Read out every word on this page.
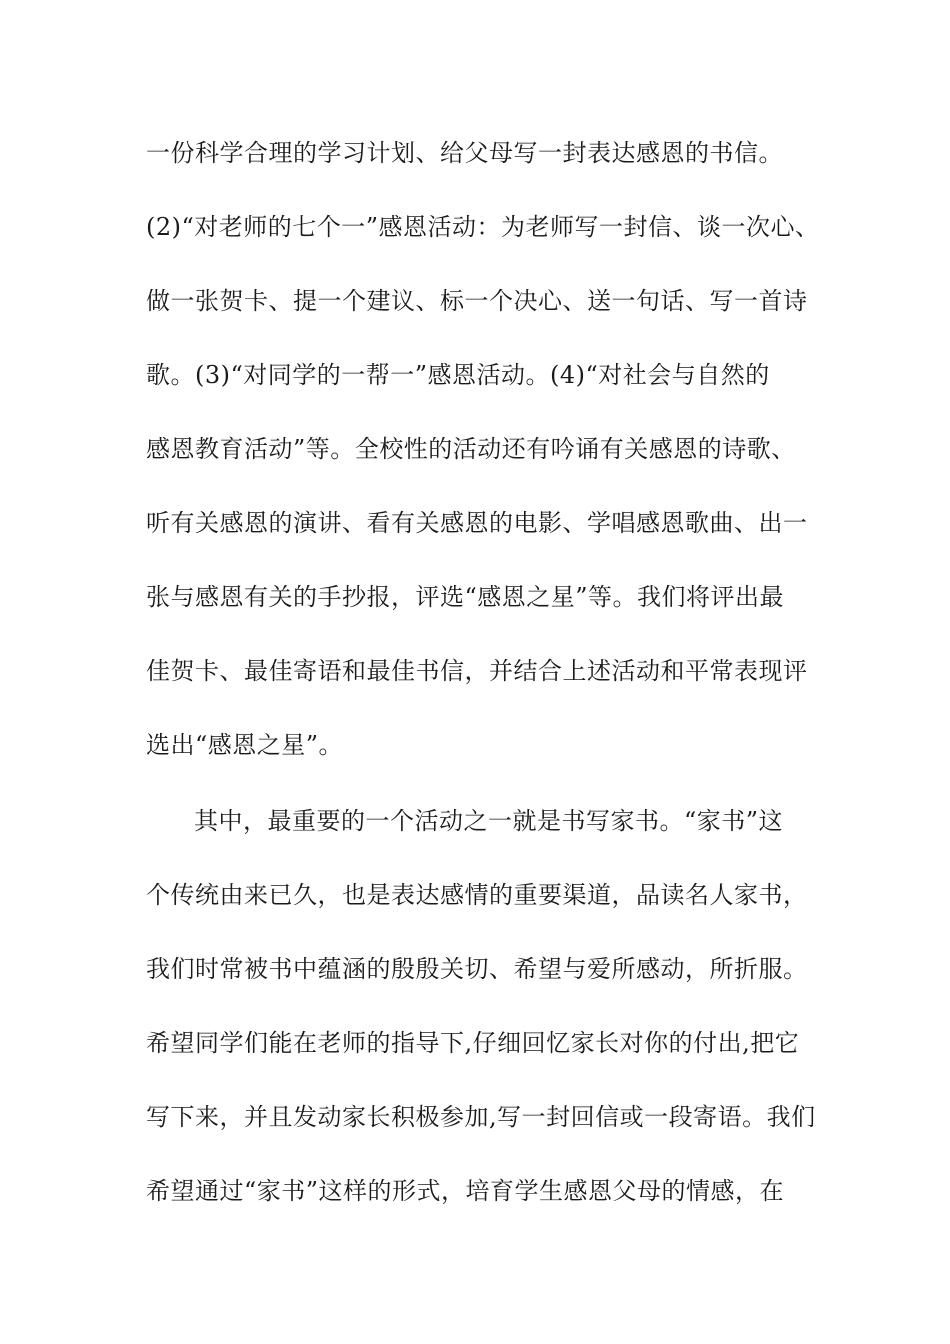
一份科学合理的学习计划、给父母写一封表达感恩的书信。
(2)“对老师的七个一”感恩活动：为老师写一封信、谈一次心、
做一张贺卡、提一个建议、标一个决心、送一句话、写一首诗
歌。(3)“对同学的一帮一”感恩活动。(4)“对社会与自然的
感恩教育活动”等。全校性的活动还有吟诵有关感恩的诗歌、
听有关感恩的演讲、看有关感恩的电影、学唱感恩歌曲、出一
张与感恩有关的手抄报，评选“感恩之星”等。我们将评出最
佳贺卡、最佳寄语和最佳书信，并结合上述活动和平常表现评
选出“感恩之星”。
其中，最重要的一个活动之一就是书写家书。“家书”这
个传统由来已久，也是表达感情的重要渠道，品读名人家书，
我们时常被书中蕴涵的殷殷关切、希望与爱所感动，所折服。
希望同学们能在老师的指导下,仔细回忆家长对你的付出,把它
写下来，并且发动家长积极参加,写一封回信或一段寄语。我们
希望通过“家书”这样的形式，培育学生感恩父母的情感，在
